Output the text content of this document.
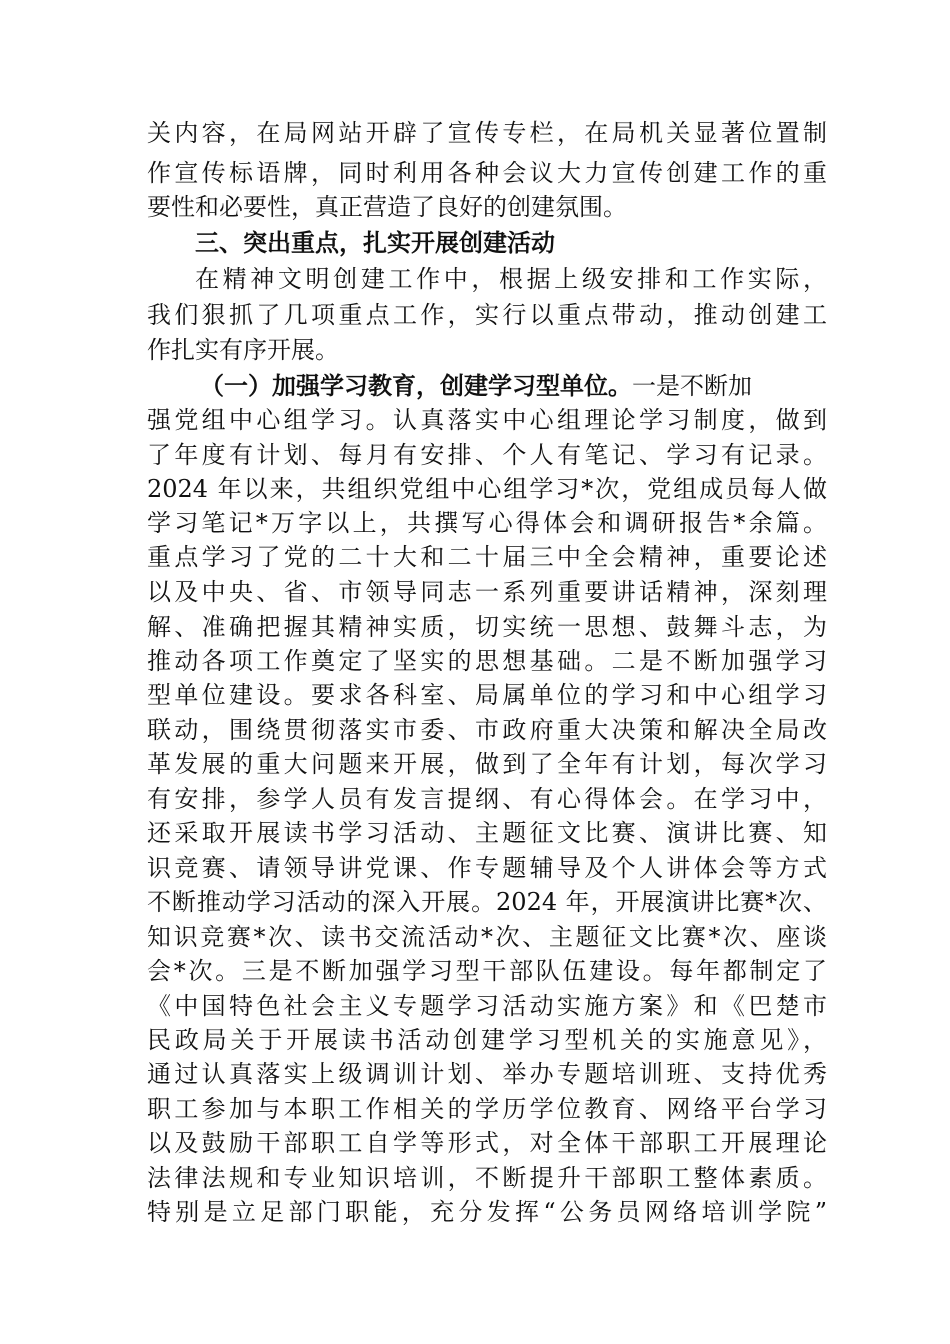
关内容，在局网站开辟了宣传专栏，在局机关显著位置制
作宣传标语牌，同时利用各种会议大力宣传创建工作的重
要性和必要性，真正营造了良好的创建氛围。
三、突出重点，扎实开展创建活动
在精神文明创建工作中，根据上级安排和工作实际，
我们狠抓了几项重点工作，实行以重点带动，推动创建工
作扎实有序开展。
（一）加强学习教育，创建学习型单位。一是不断加
强党组中心组学习。认真落实中心组理论学习制度，做到
了年度有计划、每月有安排、个人有笔记、学习有记录。
2024 年以来，共组织党组中心组学习*次，党组成员每人做
学习笔记*万字以上，共撰写心得体会和调研报告*余篇。
重点学习了党的二十大和二十届三中全会精神，重要论述
以及中央、省、市领导同志一系列重要讲话精神，深刻理
解、准确把握其精神实质，切实统一思想、鼓舞斗志，为
推动各项工作奠定了坚实的思想基础。二是不断加强学习
型单位建设。要求各科室、局属单位的学习和中心组学习
联动，围绕贯彻落实市委、市政府重大决策和解决全局改
革发展的重大问题来开展，做到了全年有计划，每次学习
有安排，参学人员有发言提纲、有心得体会。在学习中，
还采取开展读书学习活动、主题征文比赛、演讲比赛、知
识竞赛、请领导讲党课、作专题辅导及个人讲体会等方式
不断推动学习活动的深入开展。2024 年，开展演讲比赛*次、
知识竞赛*次、读书交流活动*次、主题征文比赛*次、座谈
会*次。三是不断加强学习型干部队伍建设。每年都制定了
《中国特色社会主义专题学习活动实施方案》和《巴楚市
民政局关于开展读书活动创建学习型机关的实施意见》，
通过认真落实上级调训计划、举办专题培训班、支持优秀
职工参加与本职工作相关的学历学位教育、网络平台学习
以及鼓励干部职工自学等形式，对全体干部职工开展理论
法律法规和专业知识培训，不断提升干部职工整体素质。
特别是立足部门职能，充分发挥“公务员网络培训学院”
